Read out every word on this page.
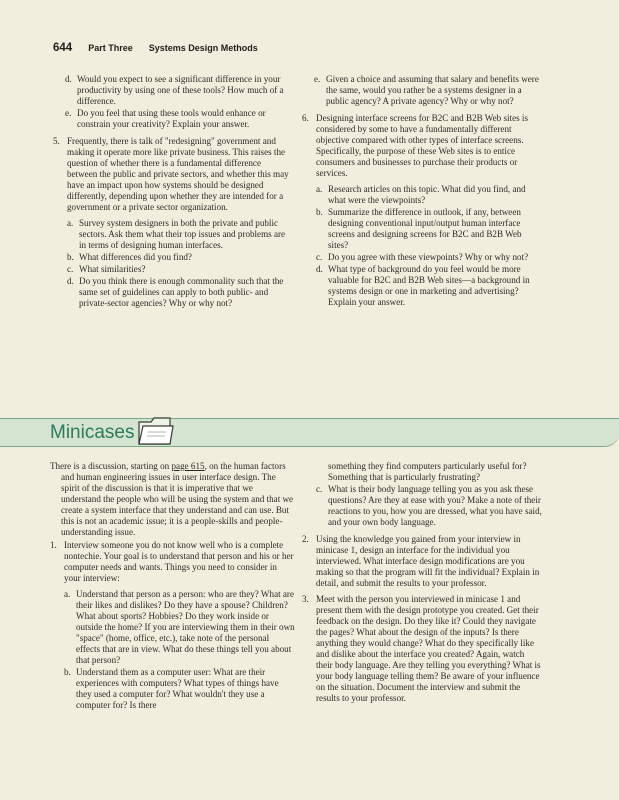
644 Part Three Systems Design Methods
d. Would you expect to see a significant difference in your productivity by using one of these tools? How much of a difference.
e. Do you feel that using these tools would enhance or constrain your creativity? Explain your answer.
5. Frequently, there is talk of "redesigning" government and making it operate more like private business. This raises the question of whether there is a fundamental difference between the public and private sectors, and whether this may have an impact upon how systems should be designed differently, depending upon whether they are intended for a government or a private sector organization.
a. Survey system designers in both the private and public sectors. Ask them what their top issues and problems are in terms of designing human interfaces.
b. What differences did you find?
c. What similarities?
d. Do you think there is enough commonality such that the same set of guidelines can apply to both public- and private-sector agencies? Why or why not?
e. Given a choice and assuming that salary and benefits were the same, would you rather be a systems designer in a public agency? A private agency? Why or why not?
6. Designing interface screens for B2C and B2B Web sites is considered by some to have a fundamentally different objective compared with other types of interface screens. Specifically, the purpose of these Web sites is to entice consumers and businesses to purchase their products or services.
a. Research articles on this topic. What did you find, and what were the viewpoints?
b. Summarize the difference in outlook, if any, between designing conventional input/output human interface screens and designing screens for B2C and B2B Web sites?
c. Do you agree with these viewpoints? Why or why not?
d. What type of background do you feel would be more valuable for B2C and B2B Web sites—a background in systems design or one in marketing and advertising? Explain your answer.
Minicases
There is a discussion, starting on page 615, on the human factors and human engineering issues in user interface design. The spirit of the discussion is that it is imperative that we understand the people who will be using the system and that we create a system interface that they understand and can use. But this is not an academic issue; it is a people-skills and people-understanding issue.
1. Interview someone you do not know well who is a complete nontechie. Your goal is to understand that person and his or her computer needs and wants. Things you need to consider in your interview:
a. Understand that person as a person: who are they? What are their likes and dislikes? Do they have a spouse? Children? What about sports? Hobbies? Do they work inside or outside the home? If you are interviewing them in their own "space" (home, office, etc.), take note of the personal effects that are in view. What do these things tell you about that person?
b. Understand them as a computer user: What are their experiences with computers? What types of things have they used a computer for? What wouldn't they use a computer for? Is there
something they find computers particularly useful for? Something that is particularly frustrating?
c. What is their body language telling you as you ask these questions? Are they at ease with you? Make a note of their reactions to you, how you are dressed, what you have said, and your own body language.
2. Using the knowledge you gained from your interview in minicase 1, design an interface for the individual you interviewed. What interface design modifications are you making so that the program will fit the individual? Explain in detail, and submit the results to your professor.
3. Meet with the person you interviewed in minicase 1 and present them with the design prototype you created. Get their feedback on the design. Do they like it? Could they navigate the pages? What about the design of the inputs? Is there anything they would change? What do they specifically like and dislike about the interface you created? Again, watch their body language. Are they telling you everything? What is your body language telling them? Be aware of your influence on the situation. Document the interview and submit the results to your professor.
